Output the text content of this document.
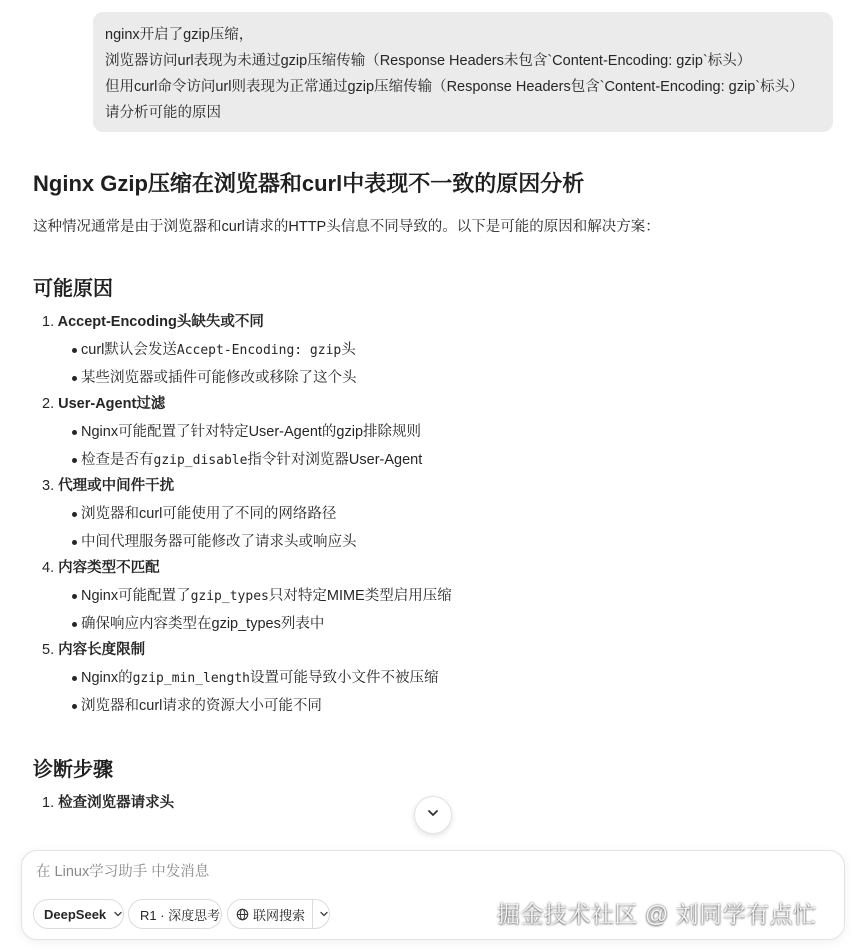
nginx开启了gzip压缩，
浏览器访问url表现为未通过gzip压缩传输（Response Headers未包含`Content-Encoding: gzip`标头）
但用curl命令访问url则表现为正常通过gzip压缩传输（Response Headers包含`Content-Encoding: gzip`标头）
请分析可能的原因
Nginx Gzip压缩在浏览器和curl中表现不一致的原因分析
这种情况通常是由于浏览器和curl请求的HTTP头信息不同导致的。以下是可能的原因和解决方案：
可能原因
1. Accept-Encoding头缺失或不同
curl默认会发送Accept-Encoding: gzip头
某些浏览器或插件可能修改或移除了这个头
2. User-Agent过滤
Nginx可能配置了针对特定User-Agent的gzip排除规则
检查是否有gzip_disable指令针对浏览器User-Agent
3. 代理或中间件干扰
浏览器和curl可能使用了不同的网络路径
中间代理服务器可能修改了请求头或响应头
4. 内容类型不匹配
Nginx可能配置了gzip_types只对特定MIME类型启用压缩
确保响应内容类型在gzip_types列表中
5. 内容长度限制
Nginx的gzip_min_length设置可能导致小文件不被压缩
浏览器和curl请求的资源大小可能不同
诊断步骤
1. 检查浏览器请求头
在 Linux学习助手 中发消息
DeepSeek	R1 · 深度思考	联网搜索	掘金技术社区 @ 刘同学有点忙
